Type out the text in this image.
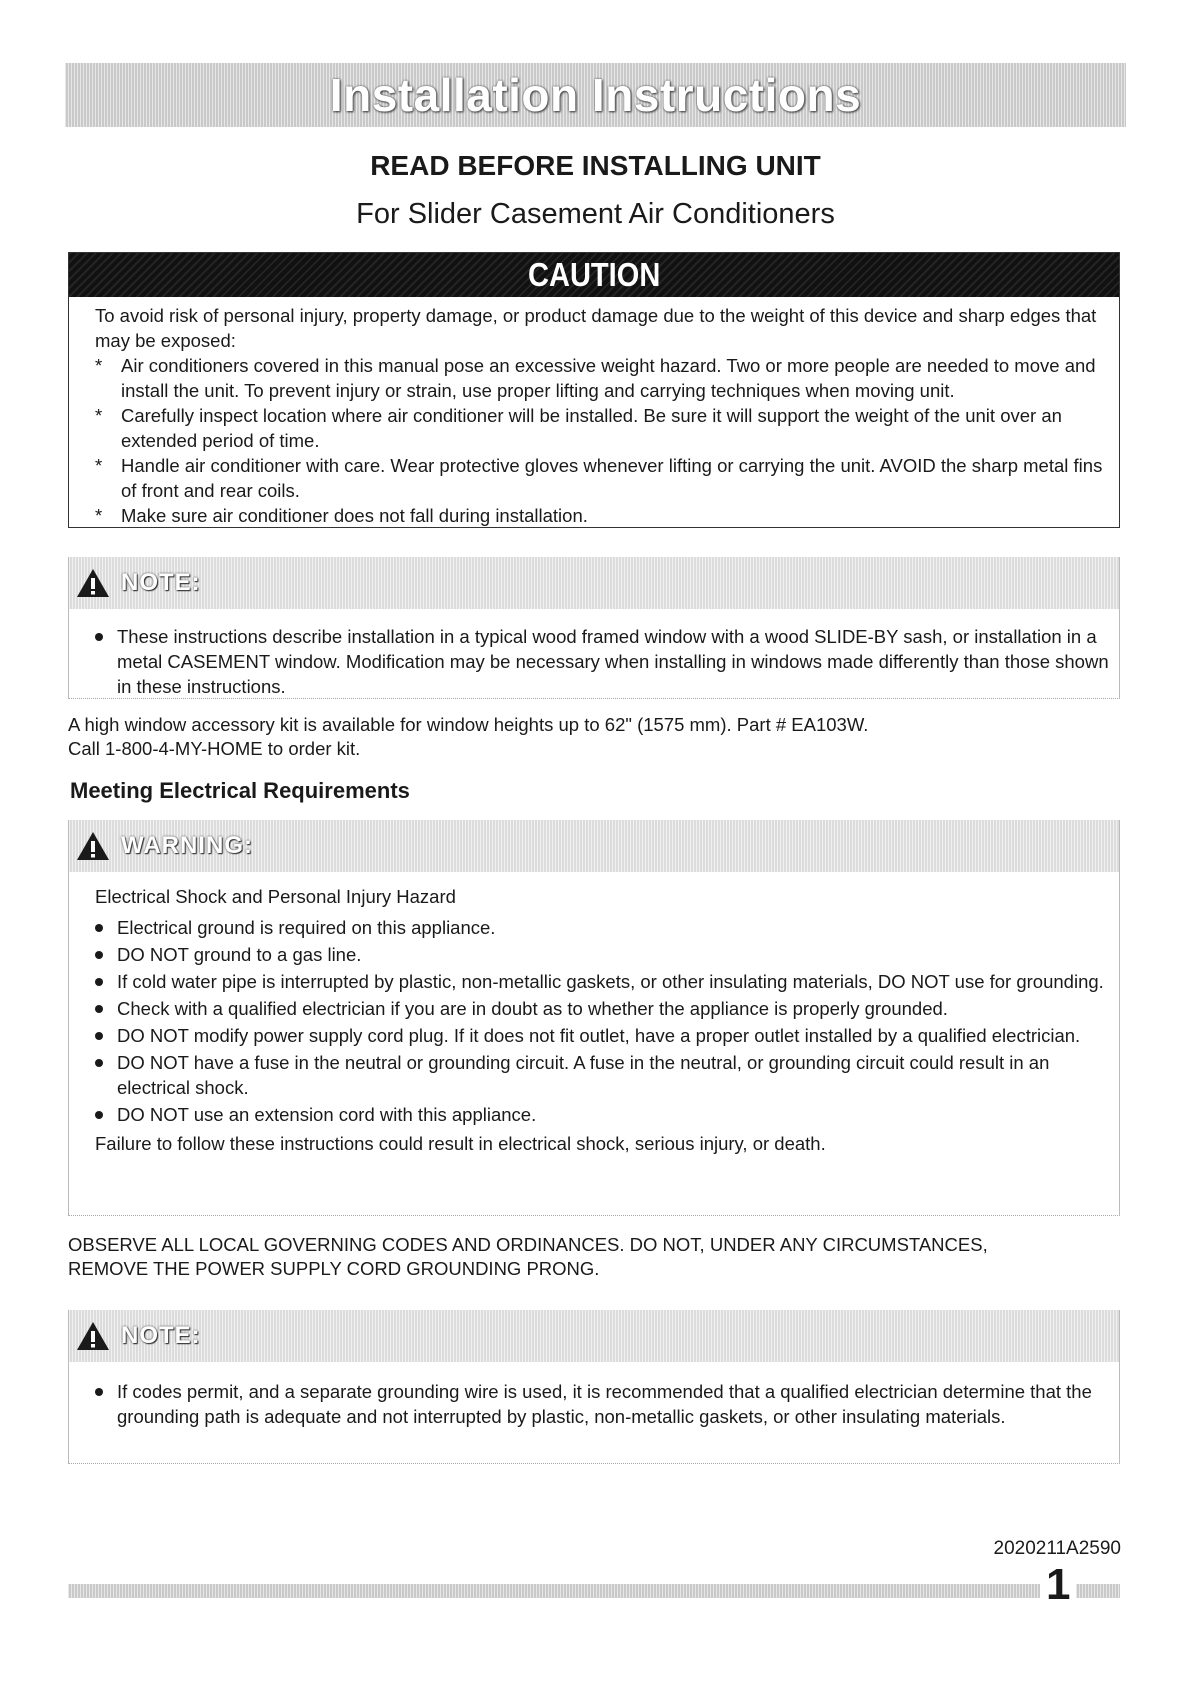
Installation Instructions
READ BEFORE INSTALLING UNIT
For Slider Casement Air Conditioners
CAUTION

To avoid risk of personal injury, property damage, or product damage due to the weight of this device and sharp edges that may be exposed:

* Air conditioners covered in this manual pose an excessive weight hazard. Two or more people are needed to move and install the unit. To prevent injury or strain, use proper lifting and carrying techniques when moving unit.
* Carefully inspect location where air conditioner will be installed. Be sure it will support the weight of the unit over an extended period of time.
* Handle air conditioner with care. Wear protective gloves whenever lifting or carrying the unit. AVOID the sharp metal fins of front and rear coils.
* Make sure air conditioner does not fall during installation.
NOTE:
These instructions describe installation in a typical wood framed window with a wood SLIDE-BY sash, or installation in a metal CASEMENT window. Modification may be necessary when installing in windows made differently than those shown in these instructions.

A high window accessory kit is available for window heights up to 62" (1575 mm). Part # EA103W.

Call 1-800-4-MY-HOME to order kit.

Meeting Electrical Requirements
WARNING:

Electrical Shock and Personal Injury Hazard

Electrical ground is required on this appliance.
DO NOT ground to a gas line.
If cold water pipe is interrupted by plastic, non-metallic gaskets, or other insulating materials, DO NOT use for grounding.
Check with a qualified electrician if you are in doubt as to whether the appliance is properly grounded.
DO NOT modify power supply cord plug. If it does not fit outlet, have a proper outlet installed by a qualified electrician.
DO NOT have a fuse in the neutral or grounding circuit. A fuse in the neutral, or grounding circuit could result in an electrical shock.
DO NOT use an extension cord with this appliance.

Failure to follow these instructions could result in electrical shock, serious injury, or death.

OBSERVE ALL LOCAL GOVERNING CODES AND ORDINANCES. DO NOT, UNDER ANY CIRCUMSTANCES,

REMOVE THE POWER SUPPLY CORD GROUNDING PRONG.

NOTE:
If codes permit, and a separate grounding wire is used, it is recommended that a qualified electrician determine that the grounding path is adequate and not interrupted by plastic, non-metallic gaskets, or other insulating materials.
2020211A2590
1
